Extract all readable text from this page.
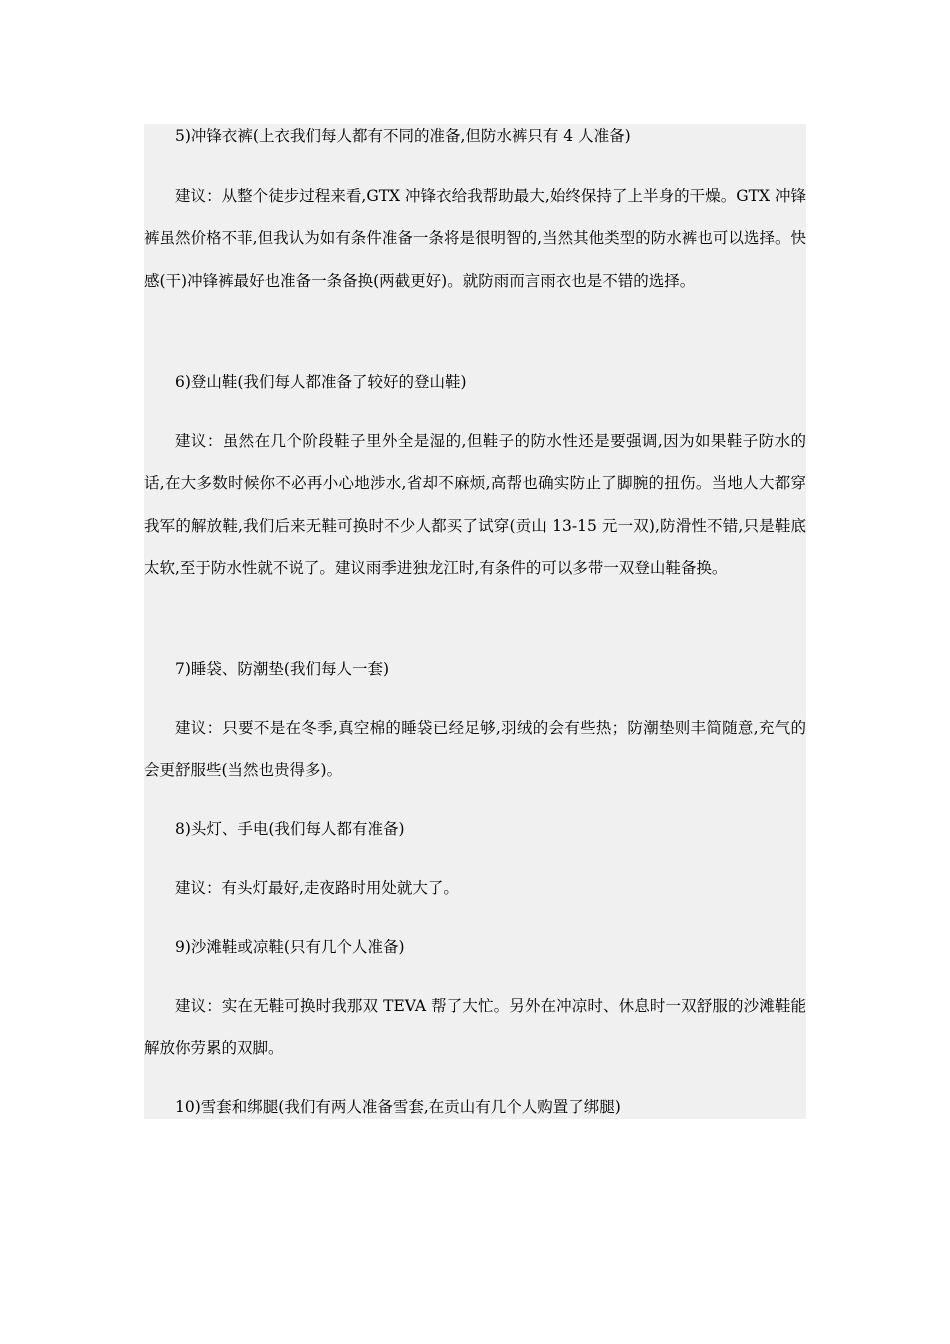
5)冲锋衣裤(上衣我们每人都有不同的准备,但防水裤只有 4 人准备)

建议：从整个徒步过程来看,GTX 冲锋衣给我帮助最大,始终保持了上半身的干燥。GTX 冲锋裤虽然价格不菲,但我认为如有条件准备一条将是很明智的,当然其他类型的防水裤也可以选择。快感(干)冲锋裤最好也准备一条备换(两截更好)。就防雨而言雨衣也是不错的选择。

6)登山鞋(我们每人都准备了较好的登山鞋)

建议：虽然在几个阶段鞋子里外全是湿的,但鞋子的防水性还是要强调,因为如果鞋子防水的话,在大多数时候你不必再小心地涉水,省却不麻烦,高帮也确实防止了脚腕的扭伤。当地人大都穿我军的解放鞋,我们后来无鞋可换时不少人都买了试穿(贡山 13-15 元一双),防滑性不错,只是鞋底太软,至于防水性就不说了。建议雨季进独龙江时,有条件的可以多带一双登山鞋备换。

7)睡袋、防潮垫(我们每人一套)

建议：只要不是在冬季,真空棉的睡袋已经足够,羽绒的会有些热；防潮垫则丰简随意,充气的会更舒服些(当然也贵得多)。

8)头灯、手电(我们每人都有准备)

建议：有头灯最好,走夜路时用处就大了。

9)沙滩鞋或凉鞋(只有几个人准备)

建议：实在无鞋可换时我那双 TEVA 帮了大忙。另外在冲凉时、休息时一双舒服的沙滩鞋能解放你劳累的双脚。

10)雪套和绑腿(我们有两人准备雪套,在贡山有几个人购置了绑腿)
